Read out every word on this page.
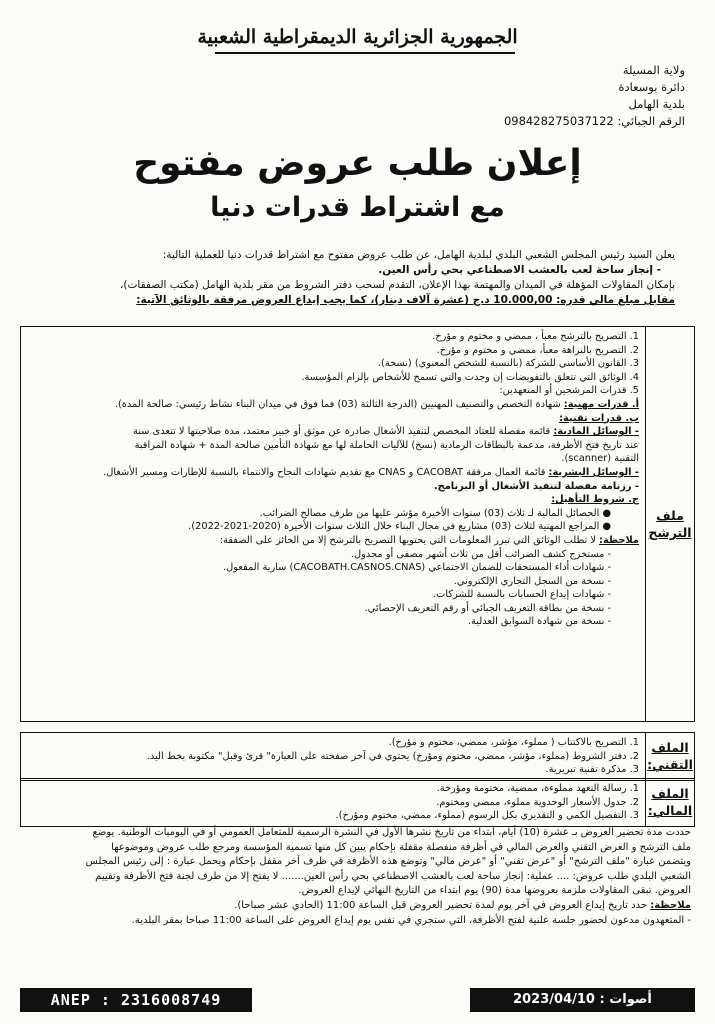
الجمهورية الجزائرية الديمقراطية الشعبية
ولاية المسيلة
دائرة بوسعادة
بلدية الهامل
الرقم الجبائي: 098428275037122
إعلان طلب عروض مفتوح
مع اشتراط قدرات دنيا
يعلن السيد رئيس المجلس الشعبي البلدي لبلدية الهامل، عن طلب عروض مفتوح مع اشتراط قدرات دنيا للعملية التالية:
- إنجاز ساحة لعب بالعشب الاصطناعي بحي رأس العين.
بإمكان المقاولات المؤهلة في الميدان والمهتمة بهذا الإعلان، التقدم لسحب دفتر الشروط من مقر بلدية الهامل (مكتب الصفقات)،
مقابل مبلغ مالي قدره: 10.000,00 د.ج (عشرة آلاف دينار)، كما يجب إيداع العروض مرفقة بالوثائق الآتية:
ملف
الترشح

1. التصريح بالترشح معبأ ، ممضي و مختوم و مؤرخ.
2. التصريح بالنزاهة معبأ، ممضي و مختوم و مؤرخ.
3. القانون الأساسي للشركة (بالنسبة للشخص المعنوي) (نسخة).
4. الوثائق التي تتعلق بالتفويضات إن وجدت والتي تسمح للأشخاص بإلزام المؤسسة.
5. قدرات المرشحين أو المتعهدين:
أ. قدرات مهنية: شهادة التخصص والتصنيف المهنيين (الدرجة الثالثة (03) فما فوق في ميدان البناء نشاط رئيسي: صالحة المدة).
ب. قدرات تقنية:
- الوسائل المادية: قائمة مفصلة للعتاد المخصص لتنفيذ الأشغال صادرة عن موثق أو خبير معتمد، مدة صلاحيتها لا تتعدى سنة
عند تاريخ فتح الأظرفة، مدعمة بالبطاقات الرمادية (نسخ) للآليات الحاملة لها مع شهادة التأمين صالحة المدة + شهادة المراقبة
التقنية (scanner).
- الوسائل البشرية: قائمة العمال مرفقة CACOBAT و CNAS مع تقديم شهادات النجاح والانتماء بالنسبة للإطارات ومسير الأشغال.
- رزنامة مفصلة لتنفيذ الأشغال أو البرنامج.
ج. شروط التأهيل:
● الحصائل المالية لـ ثلاث (03) سنوات الأخيرة مؤشر عليها من طرف مصالح الضرائب.
● المراجع المهنية لثلاث (03) مشاريع في مجال البناء خلال الثلاث سنوات الأخيرة (2020-2021-2022).
ملاحظة: لا تطلب الوثائق التي تبرر المعلومات التي يحتويها التصريح بالترشح إلا من الحائز على الصفقة:
- مستخرج كشف الضرائب أقل من ثلاث أشهر مصفى أو مجدول.
- شهادات أداء المستحقات للضمان الاجتماعي (CACOBATH.CASNOS.CNAS) سارية المفعول.
- نسخة من السجل التجاري الإلكتروني.
- شهادات إيداع الحسابات بالنسبة للشركات.
- نسخة من بطاقة التعريف الجبائي أو رقم التعريف الإحصائي.
- نسخة من شهادة السوابق العدلية.
الملف
التقني:

1. التصريح بالاكتتاب ( مملوء، مؤشر، ممضي، مختوم و مؤرخ).
2. دفتر الشروط (مملوء، مؤشر، ممضي، مختوم ومؤرخ) يحتوي في آخر صفحته على العبارة" قرئ وقبل" مكتوبة بخط اليد.
3. مذكرة تقنية تبريرية.
الملف
المالي:

1. رسالة التعهد مملوءة، ممضية، مختومة ومؤرخة.
2. جدول الأسعار الوحدوية مملوء، ممضي ومختوم.
3. التفصيل الكمي و التقديري بكل الرسوم (مملوء، ممضي، مختوم ومؤرخ).
حددت مدة تحضير العروض بـ عشرة (10) أيام، ابتداء من تاريخ نشرها الأول في النشرة الرسمية للمتعامل العمومي أو في اليوميات الوطنية. يوضع
ملف الترشح و العرض التقني والعرض المالي في أظرفة منفصلة مقفلة بإحكام يبين كل منها تسمية المؤسسة ومرجع طلب عروض وموضوعها
ويتضمن عبارة "ملف الترشح" أو "عرض تقني" أو "عرض مالي" وتوضع هذه الأظرفة في ظرف آخر مقفل بإحكام ويحمل عبارة : إلى رئيس المجلس
الشعبي البلدي طلب عروض: .... عملية: إنجاز ساحة لعب بالعشب الاصطناعي بحي رأس العين....... لا يفتح إلا من طرف لجنة فتح الأظرفة وتقييم
العروض. تبقى المقاولات ملزمة بعروضها مدة (90) يوم ابتداء من التاريخ النهائي لإيداع العروض.
ملاحظة: حدد تاريخ إيداع العروض في آخر يوم لمدة تحضير العروض قبل الساعة 11:00 (الحادي عشر صباحا).
- المتعهدون مدعون لحضور جلسة علنية لفتح الأظرفة، التي ستجري في نفس يوم إيداع العروض على الساعة 11:00 صباحا بمقر البلدية.
ANEP : 2316008749	أصوات : 2023/04/10
